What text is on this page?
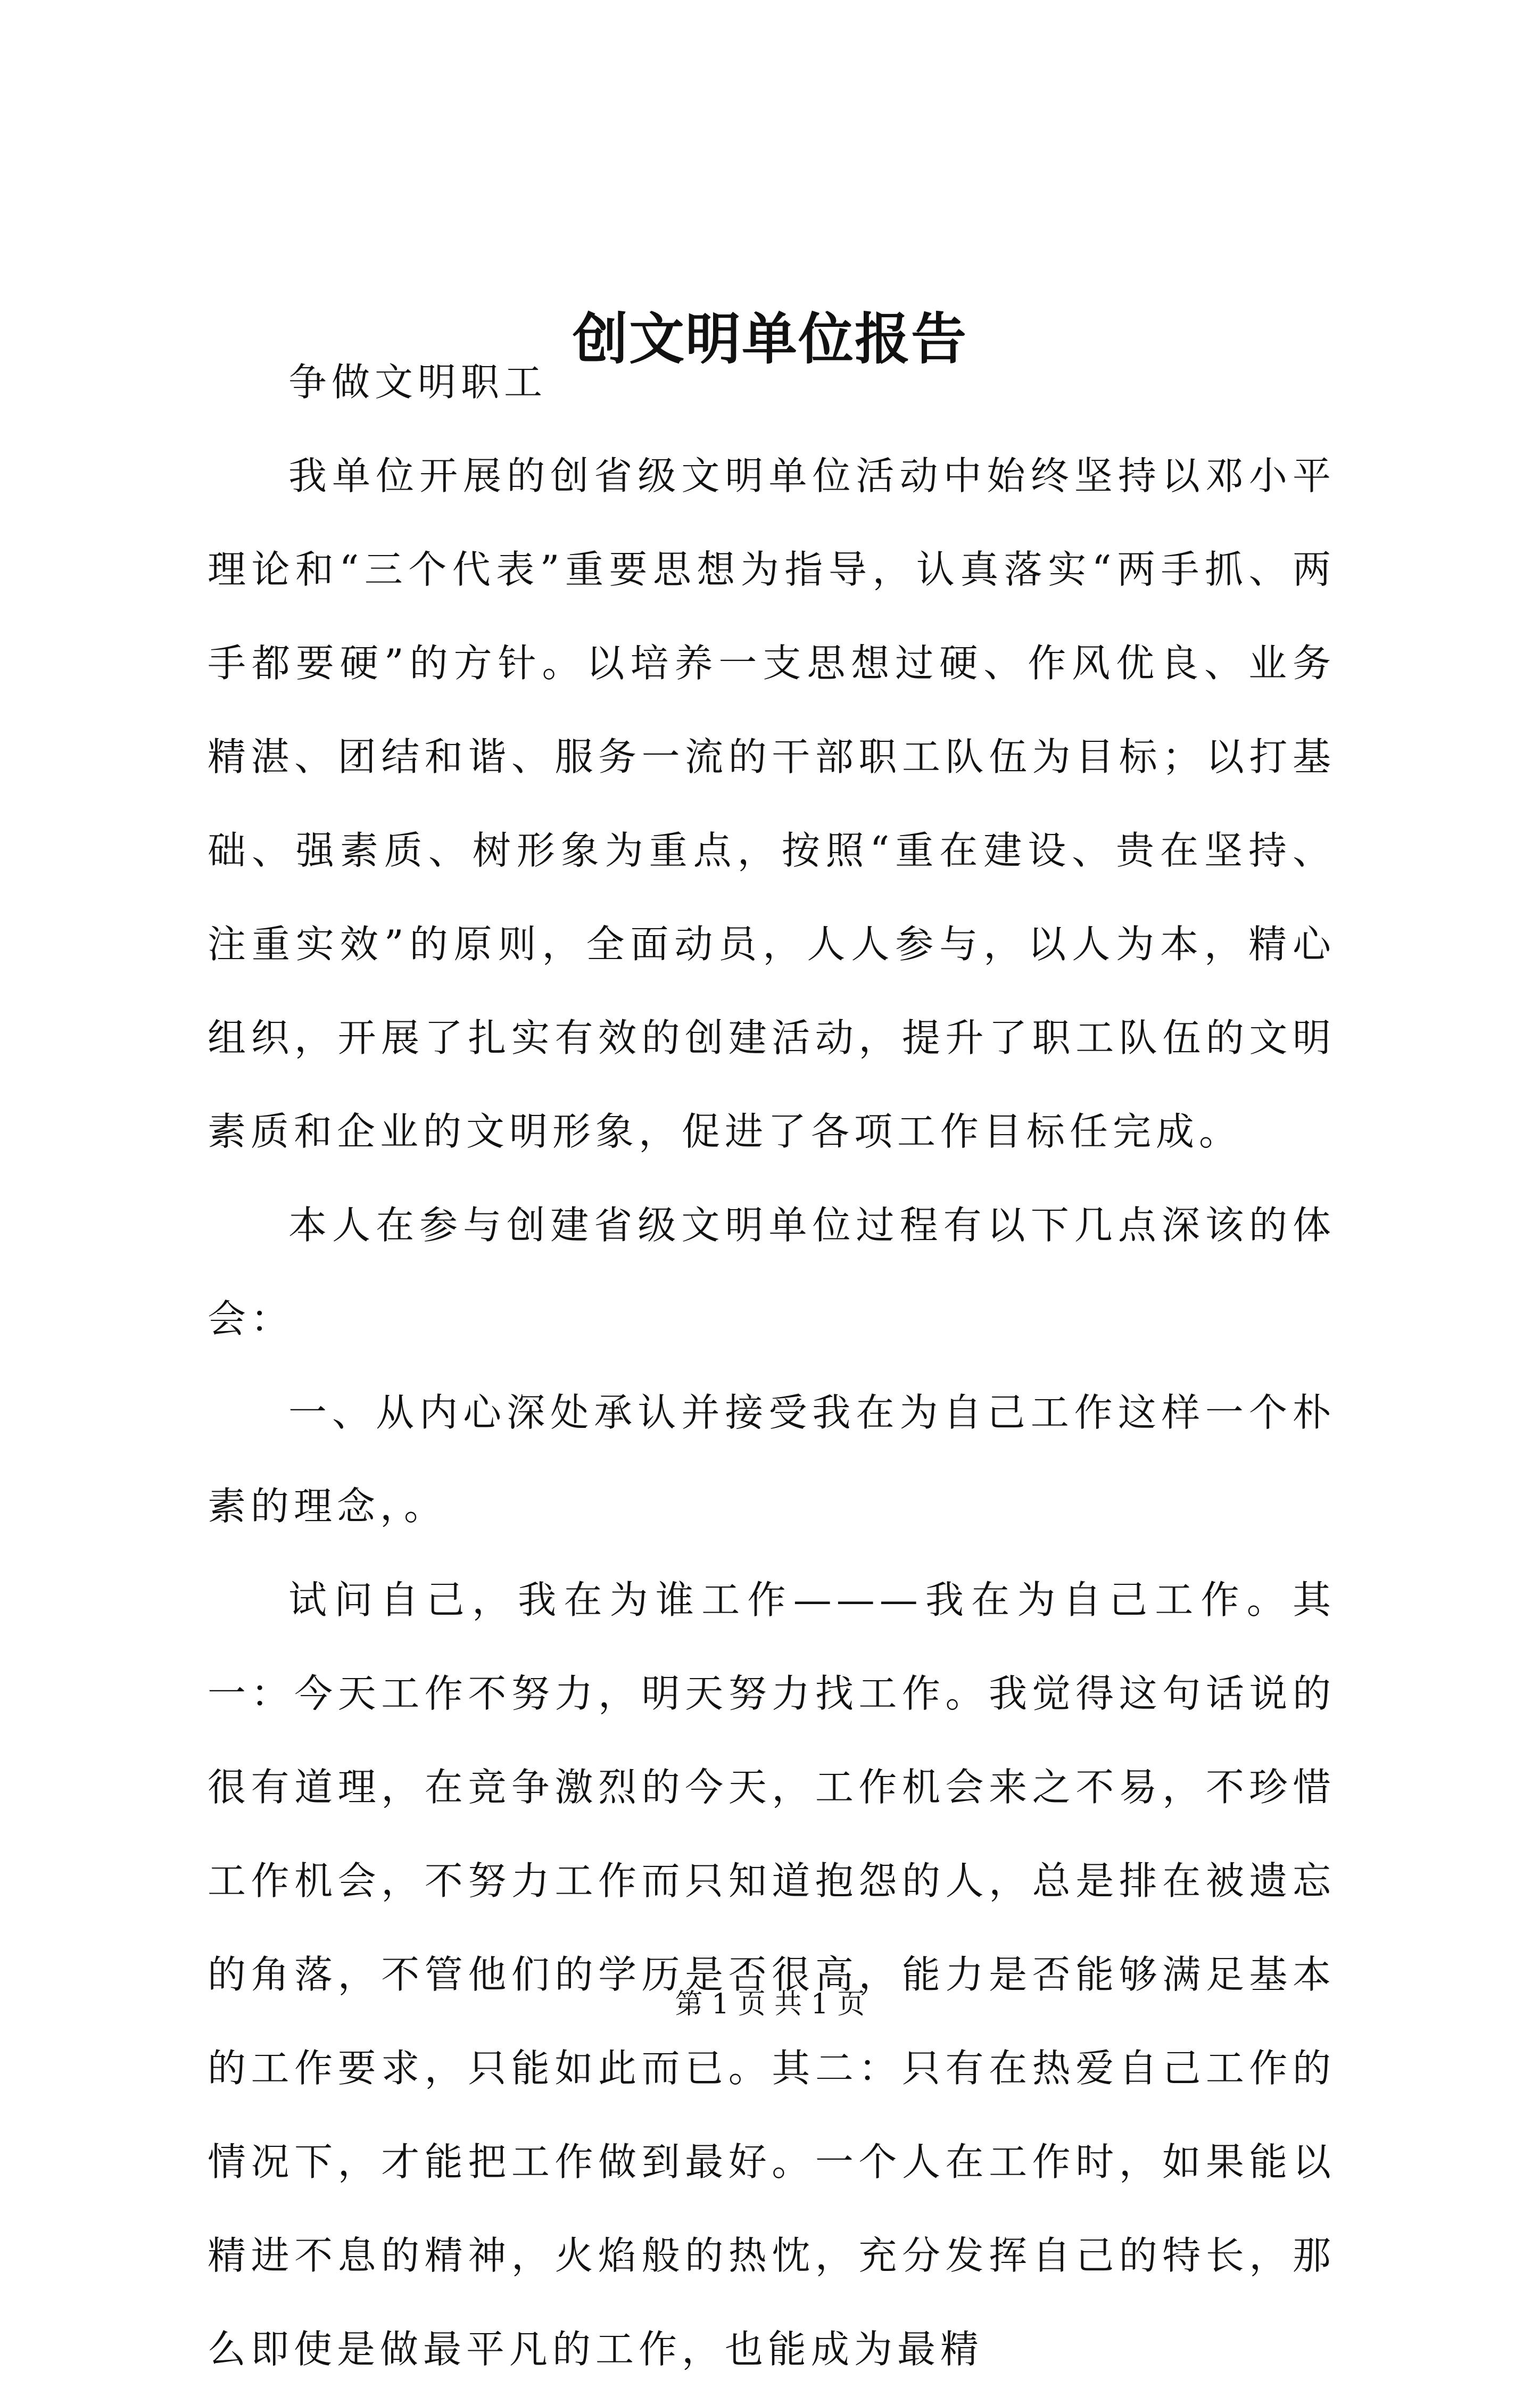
创文明单位报告

争做文明职工

我单位开展的创省级文明单位活动中始终坚持以邓小平理论和“三个代表”重要思想为指导，认真落实“两手抓、两手都要硬”的方针。以培养一支思想过硬、作风优良、业务精湛、团结和谐、服务一流的干部职工队伍为目标；以打基础、强素质、树形象为重点，按照“重在建设、贵在坚持、注重实效”的原则，全面动员，人人参与，以人为本，精心组织，开展了扎实有效的创建活动，提升了职工队伍的文明素质和企业的文明形象，促进了各项工作目标任完成。

本人在参与创建省级文明单位过程有以下几点深该的体会：

一、从内心深处承认并接受我在为自己工作这样一个朴素的理念，。

试问自己，我在为谁工作———我在为自己工作。其一：今天工作不努力，明天努力找工作。我觉得这句话说的很有道理，在竞争激烈的今天，工作机会来之不易，不珍惜工作机会，不努力工作而只知道抱怨的人，总是排在被遗忘的角落，不管他们的学历是否很高，能力是否能够满足基本的工作要求，只能如此而已。其二：只有在热爱自己工作的情况下，才能把工作做到最好。一个人在工作时，如果能以精进不息的精神，火焰般的热忱，充分发挥自己的特长，那么即使是做最平凡的工作，也能成为最精

第 1 页 共 1 页
